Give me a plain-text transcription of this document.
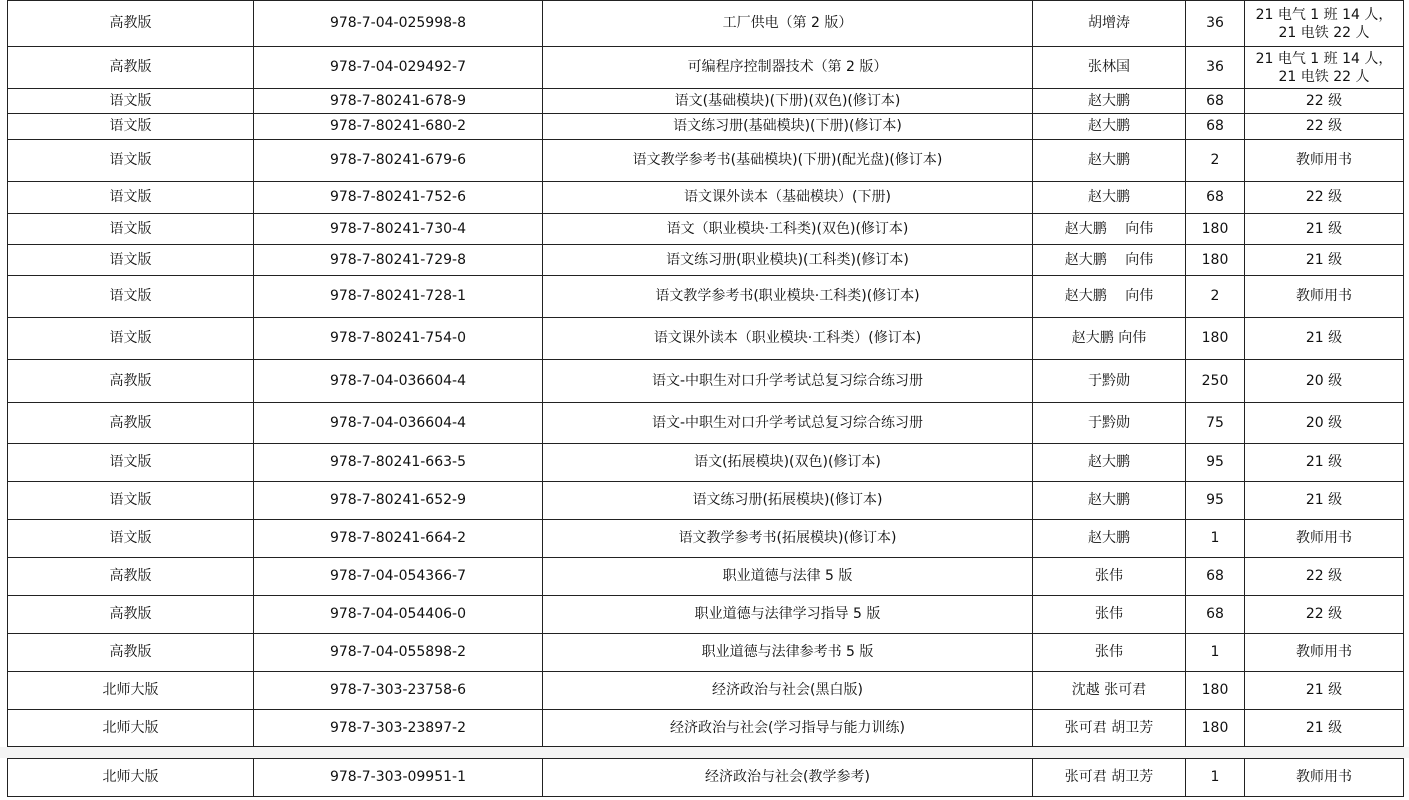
高教版	978-7-04-025998-8	工厂供电（第 2 版）	胡增涛	36	21 电气 1 班 14 人，
21 电铁 22 人

高教版	978-7-04-029492-7	可编程序控制器技术（第 2 版）	张林国	36	21 电气 1 班 14 人，
21 电铁 22 人

语文版	978-7-80241-678-9	语文(基础模块)(下册)(双色)(修订本)	赵大鹏	68	22 级
语文版	978-7-80241-680-2	语文练习册(基础模块)(下册)(修订本)	赵大鹏	68	22 级
语文版	978-7-80241-679-6	语文教学参考书(基础模块)(下册)(配光盘)(修订本)	赵大鹏	2	教师用书
语文版	978-7-80241-752-6	语文课外读本（基础模块）(下册)	赵大鹏	68	22 级
语文版	978-7-80241-730-4	语文（职业模块·工科类)(双色)(修订本)	赵大鹏　 向伟	180	21 级
语文版	978-7-80241-729-8	语文练习册(职业模块)(工科类)(修订本)	赵大鹏　 向伟	180	21 级
语文版	978-7-80241-728-1	语文教学参考书(职业模块·工科类)(修订本)	赵大鹏　 向伟	2	教师用书
语文版	978-7-80241-754-0	语文课外读本（职业模块·工科类）(修订本)	赵大鹏 向伟	180	21 级
高教版	978-7-04-036604-4	语文-中职生对口升学考试总复习综合练习册	于黔勋	250	20 级
高教版	978-7-04-036604-4	语文-中职生对口升学考试总复习综合练习册	于黔勋	75	20 级
语文版	978-7-80241-663-5	语文(拓展模块)(双色)(修订本)	赵大鹏	95	21 级
语文版	978-7-80241-652-9	语文练习册(拓展模块)(修订本)	赵大鹏	95	21 级
语文版	978-7-80241-664-2	语文教学参考书(拓展模块)(修订本)	赵大鹏	1	教师用书
高教版	978-7-04-054366-7	职业道德与法律 5 版	张伟	68	22 级
高教版	978-7-04-054406-0	职业道德与法律学习指导 5 版	张伟	68	22 级
高教版	978-7-04-055898-2	职业道德与法律参考书 5 版	张伟	1	教师用书
北师大版	978-7-303-23758-6	经济政治与社会(黑白版)	沈越 张可君	180	21 级
北师大版	978-7-303-23897-2	经济政治与社会(学习指导与能力训练)	张可君 胡卫芳	180	21 级
北师大版	978-7-303-09951-1	经济政治与社会(教学参考)	张可君 胡卫芳	1	教师用书
